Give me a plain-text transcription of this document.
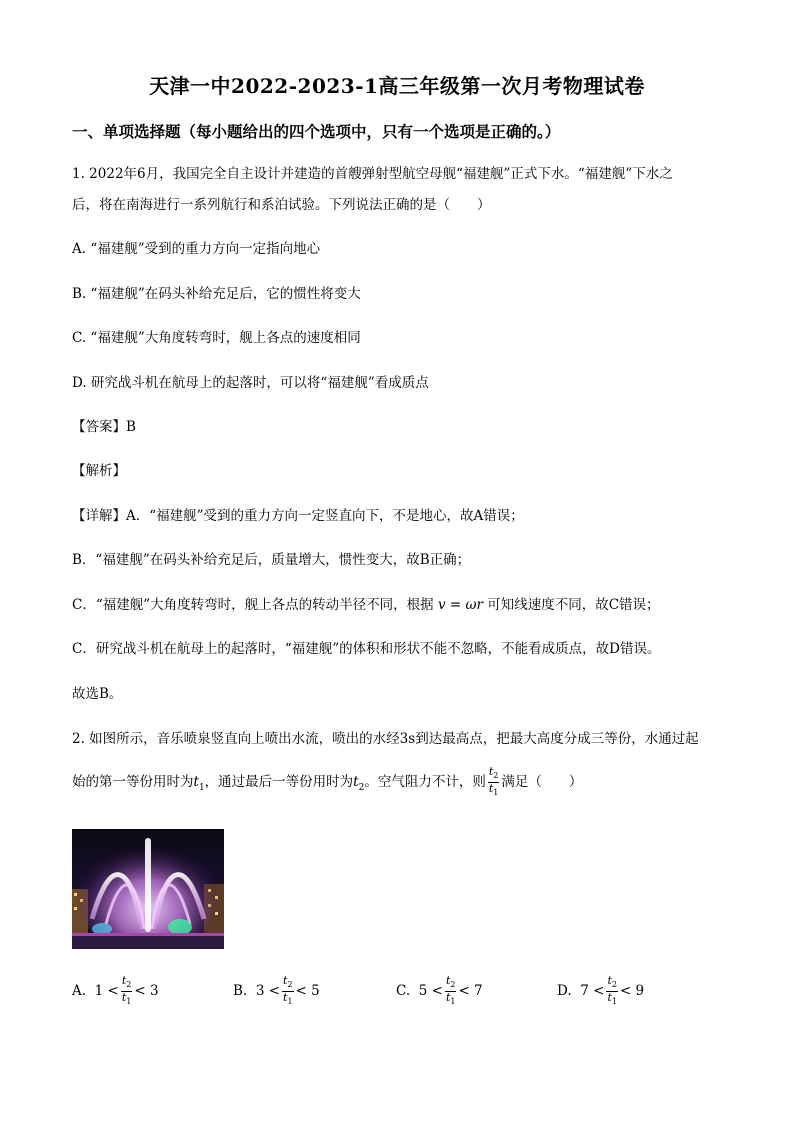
天津一中2022-2023-1高三年级第一次月考物理试卷
一、单项选择题（每小题给出的四个选项中，只有一个选项是正确的。）
1. 2022年6月，我国完全自主设计并建造的首艘弹射型航空母舰“福建舰”正式下水。“福建舰”下水之
后，将在南海进行一系列航行和系泊试验。下列说法正确的是（　　）
A. “福建舰”受到的重力方向一定指向地心
B. “福建舰”在码头补给充足后，它的惯性将变大
C. “福建舰”大角度转弯时，舰上各点的速度相同
D. 研究战斗机在航母上的起落时，可以将“福建舰”看成质点
【答案】B
【解析】
【详解】A．“福建舰”受到的重力方向一定竖直向下，不是地心，故A错误；
B．“福建舰”在码头补给充足后，质量增大，惯性变大，故B正确；
C．“福建舰”大角度转弯时，舰上各点的转动半径不同，根据 v = ωr 可知线速度不同，故C错误；
C．研究战斗机在航母上的起落时，“福建舰”的体积和形状不能不忽略，不能看成质点，故D错误。
故选B。
2. 如图所示，音乐喷泉竖直向上喷出水流，喷出的水经3s到达最高点，把最大高度分成三等份，水通过起
始的第一等份用时为$t_1$，通过最后一等份用时为$t_2$。空气阻力不计，则 $\frac{t_2}{t_1}$ 满足（　　）
A. $1 < \frac{t_2}{t_1} < 3$	B. $3 < \frac{t_2}{t_1} < 5$	C. $5 < \frac{t_2}{t_1} < 7$	D. $7 < \frac{t_2}{t_1} < 9$
